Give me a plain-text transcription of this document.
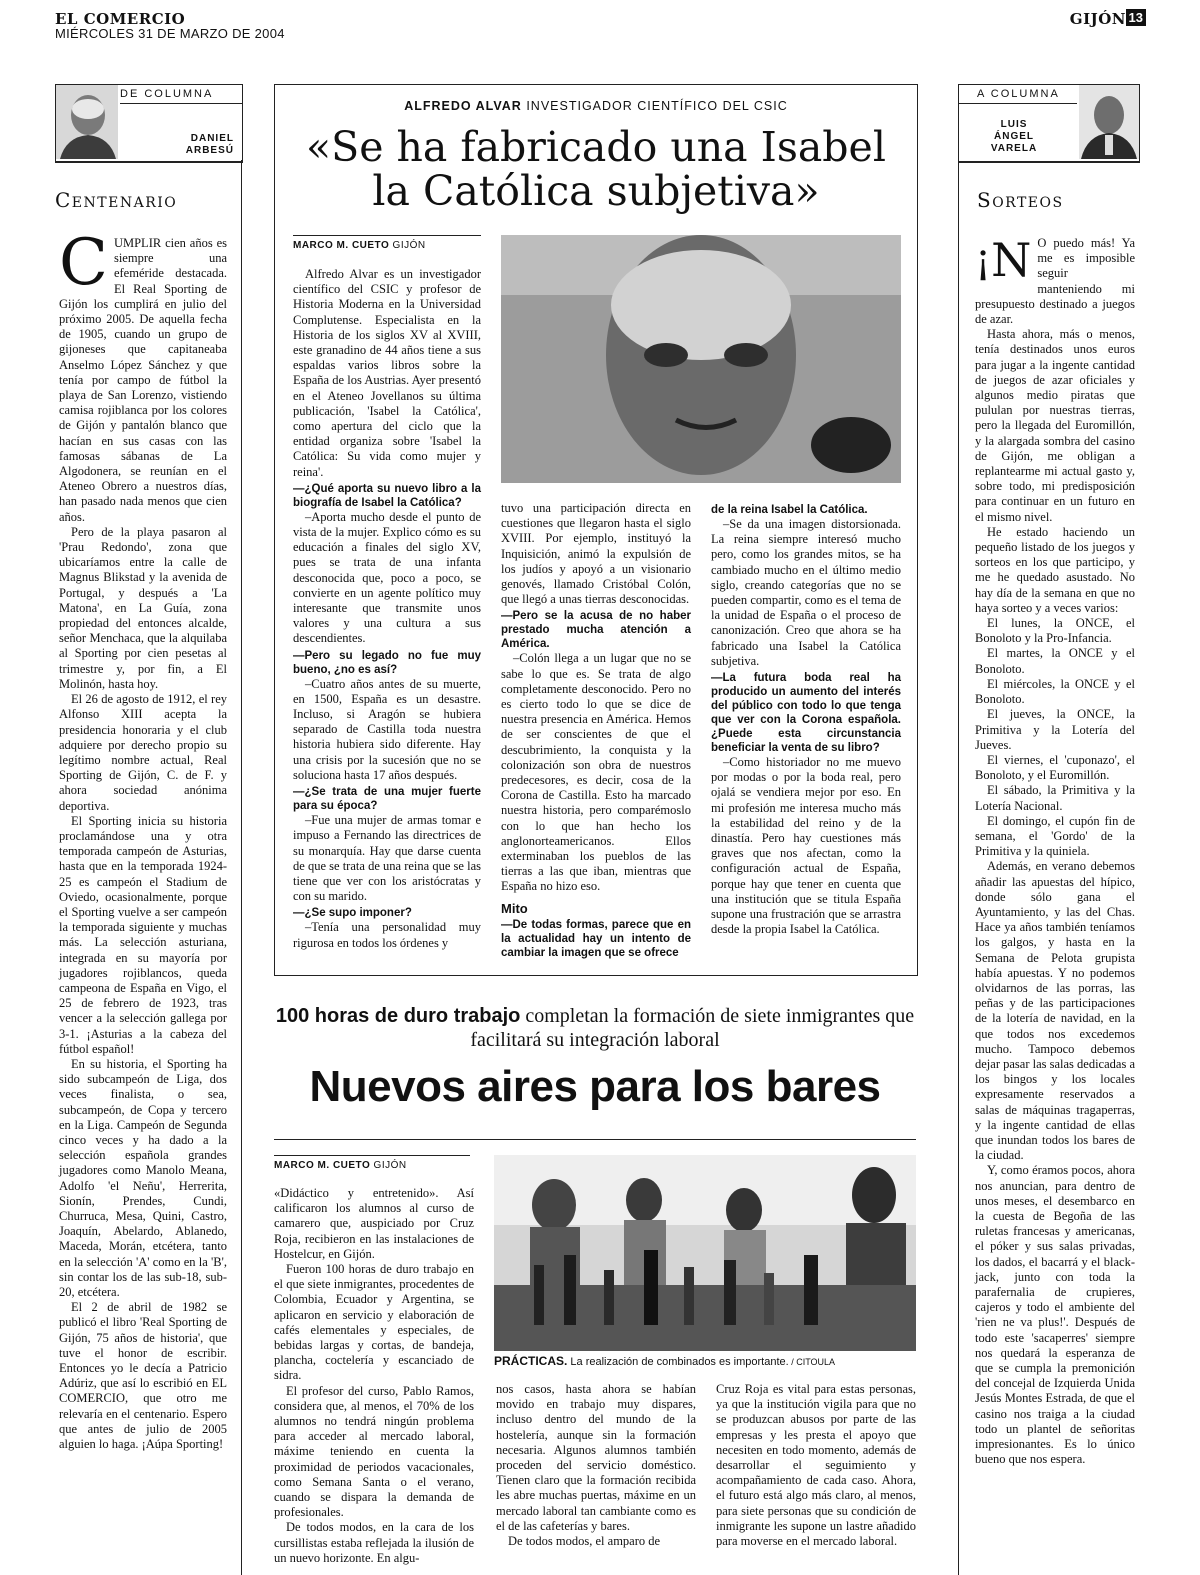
EL COMERCIO
MIÉRCOLES 31 DE MARZO DE 2004
GIJÓN 13
DE COLUMNA
DANIEL
ARBESÚ
Centenario
C UMPLIR cien años es siempre una efeméride destacada. El Real Sporting de Gijón los cumplirá en julio del próximo 2005. De aquella fecha de 1905, cuando un grupo de gijoneses que capitaneaba Anselmo López Sánchez y que tenía por campo de fútbol la playa de San Lorenzo, vistiendo camisa rojiblanca por los colores de Gijón y pantalón blanco que hacían en sus casas con las famosas sábanas de La Algodonera, se reunían en el Ateneo Obrero a nuestros días, han pasado nada menos que cien años.

Pero de la playa pasaron al 'Prau Redondo', zona que ubicaríamos entre la calle de Magnus Blikstad y la avenida de Portugal, y después a 'La Matona', en La Guía, zona propiedad del entonces alcalde, señor Menchaca, que la alquilaba al Sporting por cien pesetas al trimestre y, por fin, a El Molinón, hasta hoy.

El 26 de agosto de 1912, el rey Alfonso XIII acepta la presidencia honoraria y el club adquiere por derecho propio su legítimo nombre actual, Real Sporting de Gijón, C. de F. y ahora sociedad anónima deportiva.

El Sporting inicia su historia proclamándose una y otra temporada campeón de Asturias, hasta que en la temporada 1924-25 es campeón el Stadium de Oviedo, ocasionalmente, porque el Sporting vuelve a ser campeón la temporada siguiente y muchas más. La selección asturiana, integrada en su mayoría por jugadores rojiblancos, queda campeona de España en Vigo, el 25 de febrero de 1923, tras vencer a la selección gallega por 3-1. ¡Asturias a la cabeza del fútbol español!

En su historia, el Sporting ha sido subcampeón de Liga, dos veces finalista, o sea, subcampeón, de Copa y tercero en la Liga. Campeón de Segunda cinco veces y ha dado a la selección española grandes jugadores como Manolo Meana, Adolfo 'el Neñu', Herrerita, Sionín, Prendes, Cundi, Churruca, Mesa, Quini, Castro, Joaquín, Abelardo, Ablanedo, Maceda, Morán, etcétera, tanto en la selección 'A' como en la 'B', sin contar los de las sub-18, sub-20, etcétera.

El 2 de abril de 1982 se publicó el libro 'Real Sporting de Gijón, 75 años de historia', que tuve el honor de escribir. Entonces yo le decía a Patricio Adúriz, que así lo escribió en EL COMERCIO, que otro me relevaría en el centenario. Espero que antes de julio de 2005 alguien lo haga. ¡Aúpa Sporting!

A COLUMNA
LUIS
ÁNGEL
VARELA
Sorteos
¡ N O puedo más! Ya me es imposible seguir manteniendo mi presupuesto destinado a juegos de azar.

Hasta ahora, más o menos, tenía destinados unos euros para jugar a la ingente cantidad de juegos de azar oficiales y algunos medio piratas que pululan por nuestras tierras, pero la llegada del Euromillón, y la alargada sombra del casino de Gijón, me obligan a replantearme mi actual gasto y, sobre todo, mi predisposición para continuar en un futuro en el mismo nivel.

He estado haciendo un pequeño listado de los juegos y sorteos en los que participo, y me he quedado asustado. No hay día de la semana en que no haya sorteo y a veces varios:

El lunes, la ONCE, el Bonoloto y la Pro-Infancia.

El martes, la ONCE y el Bonoloto.

El miércoles, la ONCE y el Bonoloto.

El jueves, la ONCE, la Primitiva y la Lotería del Jueves.

El viernes, el 'cuponazo', el Bonoloto, y el Euromillón.

El sábado, la Primitiva y la Lotería Nacional.

El domingo, el cupón fin de semana, el 'Gordo' de la Primitiva y la quiniela.

Además, en verano debemos añadir las apuestas del hípico, donde sólo gana el Ayuntamiento, y las del Chas. Hace ya años también teníamos los galgos, y hasta en la Semana de Pelota grupista había apuestas. Y no podemos olvidarnos de las porras, las peñas y de las participaciones de la lotería de navidad, en la que todos nos excedemos mucho. Tampoco debemos dejar pasar las salas dedicadas a los bingos y los locales expresamente reservados a salas de máquinas tragaperras, y la ingente cantidad de ellas que inundan todos los bares de la ciudad.

Y, como éramos pocos, ahora nos anuncian, para dentro de unos meses, el desembarco en la cuesta de Begoña de las ruletas francesas y americanas, el póker y sus salas privadas, los dados, el bacarrá y el black-jack, junto con toda la parafernalia de crupieres, cajeros y todo el ambiente del 'rien ne va plus!'. Después de todo este 'sacaperres' siempre nos quedará la esperanza de que se cumpla la premonición del concejal de Izquierda Unida Jesús Montes Estrada, de que el casino nos traiga a la ciudad todo un plantel de señoritas impresionantes. Es lo único bueno que nos espera.

ALFREDO ALVAR INVESTIGADOR CIENTÍFICO DEL CSIC
«Se ha fabricado una Isabel
la Católica subjetiva»
MARCO M. CUETO GIJÓN

Alfredo Alvar es un investigador científico del CSIC y profesor de Historia Moderna en la Universidad Complutense. Especialista en la Historia de los siglos XV al XVIII, este granadino de 44 años tiene a sus espaldas varios libros sobre la España de los Austrias. Ayer presentó en el Ateneo Jovellanos su última publicación, 'Isabel la Católica', como apertura del ciclo que la entidad organiza sobre 'Isabel la Católica: Su vida como mujer y reina'.

—¿Qué aporta su nuevo libro a la biografía de Isabel la Católica?

–Aporta mucho desde el punto de vista de la mujer. Explico cómo es su educación a finales del siglo XV, pues se trata de una infanta desconocida que, poco a poco, se convierte en un agente político muy interesante que transmite unos valores y una cultura a sus descendientes.

—Pero su legado no fue muy bueno, ¿no es así?

–Cuatro años antes de su muerte, en 1500, España es un desastre. Incluso, si Aragón se hubiera separado de Castilla toda nuestra historia hubiera sido diferente. Hay una crisis por la sucesión que no se soluciona hasta 17 años después.

—¿Se trata de una mujer fuerte para su época?

–Fue una mujer de armas tomar e impuso a Fernando las directrices de su monarquía. Hay que darse cuenta de que se trata de una reina que se las tiene que ver con los aristócratas y con su marido.

—¿Se supo imponer?

–Tenía una personalidad muy rigurosa en todos los órdenes y

tuvo una participación directa en cuestiones que llegaron hasta el siglo XVIII. Por ejemplo, instituyó la Inquisición, animó la expulsión de los judíos y apoyó a un visionario genovés, llamado Cristóbal Colón, que llegó a unas tierras desconocidas.

—Pero se la acusa de no haber prestado mucha atención a América.

–Colón llega a un lugar que no se sabe lo que es. Se trata de algo completamente desconocido. Pero no es cierto todo lo que se dice de nuestra presencia en América. Hemos de ser conscientes de que el descubrimiento, la conquista y la colonización son obra de nuestros predecesores, es decir, cosa de la Corona de Castilla. Esto ha marcado nuestra historia, pero comparémoslo con lo que han hecho los anglonorteamericanos. Ellos exterminaban los pueblos de las tierras a las que iban, mientras que España no hizo eso.

Mito

—De todas formas, parece que en la actualidad hay un intento de cambiar la imagen que se ofrece

de la reina Isabel la Católica.

–Se da una imagen distorsionada. La reina siempre interesó mucho pero, como los grandes mitos, se ha cambiado mucho en el último medio siglo, creando categorías que no se pueden compartir, como es el tema de la unidad de España o el proceso de canonización. Creo que ahora se ha fabricado una Isabel la Católica subjetiva.

—La futura boda real ha producido un aumento del interés del público con todo lo que tenga que ver con la Corona española. ¿Puede esta circunstancia beneficiar la venta de su libro?

–Como historiador no me muevo por modas o por la boda real, pero ojalá se vendiera mejor por eso. En mi profesión me interesa mucho más la estabilidad del reino y de la dinastía. Pero hay cuestiones más graves que nos afectan, como la configuración actual de España, porque hay que tener en cuenta que una institución que se titula España supone una frustración que se arrastra desde la propia Isabel la Católica.

100 horas de duro trabajo completan la formación de siete inmigrantes que facilitará su integración laboral
Nuevos aires para los bares
MARCO M. CUETO GIJÓN
PRÁCTICAS. La realización de combinados es importante. / CITOULA

«Didáctico y entretenido». Así calificaron los alumnos al curso de camarero que, auspiciado por Cruz Roja, recibieron en las instalaciones de Hostelcur, en Gijón.

Fueron 100 horas de duro trabajo en el que siete inmigrantes, procedentes de Colombia, Ecuador y Argentina, se aplicaron en servicio y elaboración de cafés elementales y especiales, de bebidas largas y cortas, de bandeja, plancha, coctelería y escanciado de sidra.

El profesor del curso, Pablo Ramos, considera que, al menos, el 70% de los alumnos no tendrá ningún problema para acceder al mercado laboral, máxime teniendo en cuenta la proximidad de periodos vacacionales, como Semana Santa o el verano, cuando se dispara la demanda de profesionales.

De todos modos, en la cara de los cursillistas estaba reflejada la ilusión de un nuevo horizonte. En algu-

nos casos, hasta ahora se habían movido en trabajo muy dispares, incluso dentro del mundo de la hostelería, aunque sin la formación necesaria. Algunos alumnos también proceden del servicio doméstico. Tienen claro que la formación recibida les abre muchas puertas, máxime en un mercado laboral tan cambiante como es el de las cafeterías y bares.

De todos modos, el amparo de

Cruz Roja es vital para estas personas, ya que la institución vigila para que no se produzcan abusos por parte de las empresas y les presta el apoyo que necesiten en todo momento, además de desarrollar el seguimiento y acompañamiento de cada caso. Ahora, el futuro está algo más claro, al menos, para siete personas que su condición de inmigrante les supone un lastre añadido para moverse en el mercado laboral.
